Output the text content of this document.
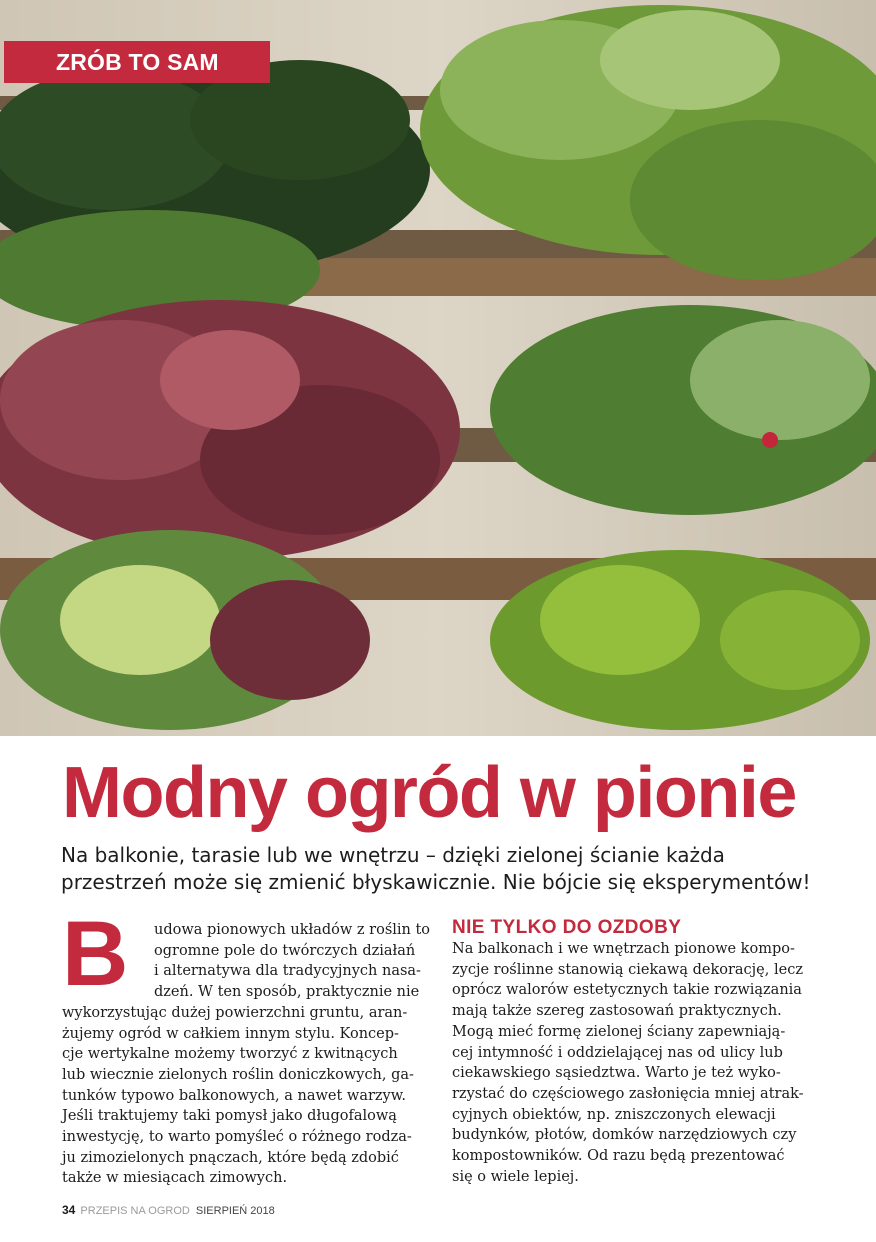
ZRÓB TO SAM
Modny ogród w pionie
Na balkonie, tarasie lub we wnętrzu – dzięki zielonej ścianie każda
przestrzeń może się zmienić błyskawicznie. Nie bójcie się eksperymentów!
B	udowa pionowych układów z roślin to
ogromne pole do twórczych działań
i alternatywa dla tradycyjnych nasa-
dzeń. W ten sposób, praktycznie nie
wykorzystując dużej powierzchni gruntu, aran-
żujemy ogród w całkiem innym stylu. Koncep-
cje wertykalne możemy tworzyć z kwitnących
lub wiecznie zielonych roślin doniczkowych, ga-
tunków typowo balkonowych, a nawet warzyw.
Jeśli traktujemy taki pomysł jako długofalową
inwestycję, to warto pomyśleć o różnego rodza-
ju zimozielonych pnączach, które będą zdobić
także w miesiącach zimowych.
NIE TYLKO DO OZDOBY
Na balkonach i we wnętrzach pionowe kompo-
zycje roślinne stanowią ciekawą dekorację, lecz
oprócz walorów estetycznych takie rozwiązania
mają także szereg zastosowań praktycznych.
Mogą mieć formę zielonej ściany zapewniają-
cej intymność i oddzielającej nas od ulicy lub
ciekawskiego sąsiedztwa. Warto je też wyko-
rzystać do częściowego zasłonięcia mniej atrak-
cyjnych obiektów, np. zniszczonych elewacji
budynków, płotów, domków narzędziowych czy
kompostowników. Od razu będą prezentować
się o wiele lepiej.
34 PRZEPIS NA OGROD SIERPIEŃ 2018
